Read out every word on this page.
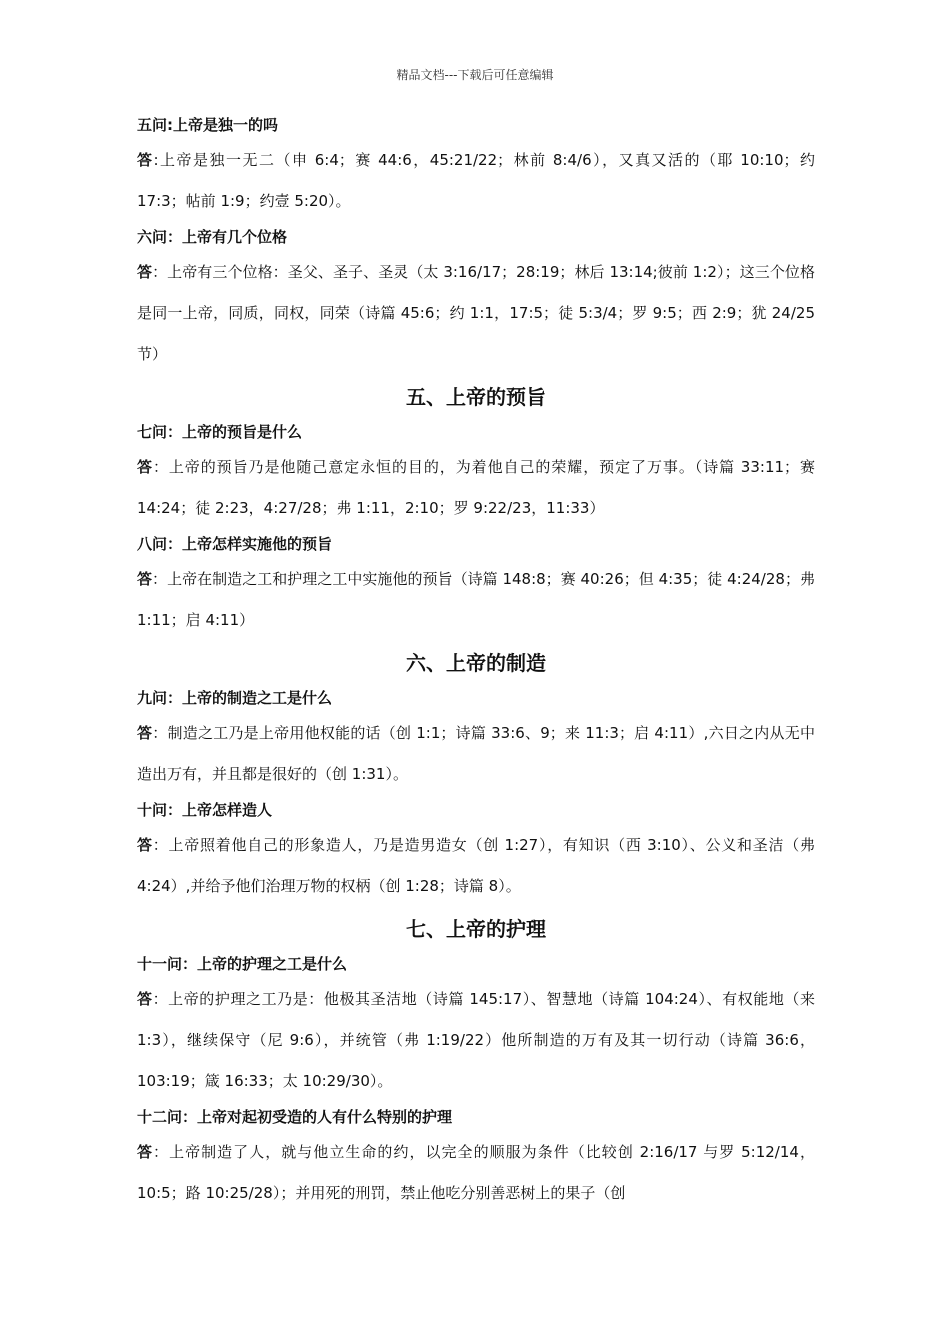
精品文档---下载后可任意编辑

五问:上帝是独一的吗

答:上帝是独一无二（申 6:4；赛 44:6，45:21/22；林前 8:4/6），又真又活的（耶 10:10；约 17:3；帖前 1:9；约壹 5:20）。

六问：上帝有几个位格

答：上帝有三个位格：圣父、圣子、圣灵（太 3:16/17；28:19；林后 13:14;彼前 1:2）；这三个位格是同一上帝，同质，同权，同荣（诗篇 45:6；约 1:1，17:5；徒 5:3/4；罗 9:5；西 2:9；犹 24/25 节）

五、上帝的预旨

七问：上帝的预旨是什么

答：上帝的预旨乃是他随己意定永恒的目的，为着他自己的荣耀，预定了万事。（诗篇 33:11；赛 14:24；徒 2:23，4:27/28；弗 1:11，2:10；罗 9:22/23，11:33）

八问：上帝怎样实施他的预旨

答：上帝在制造之工和护理之工中实施他的预旨（诗篇 148:8；赛 40:26；但 4:35；徒 4:24/28；弗 1:11；启 4:11）

六、上帝的制造

九问：上帝的制造之工是什么

答：制造之工乃是上帝用他权能的话（创 1:1；诗篇 33:6、9；来 11:3；启 4:11）,六日之内从无中造出万有，并且都是很好的（创 1:31）。

十问：上帝怎样造人

答：上帝照着他自己的形象造人，乃是造男造女（创 1:27），有知识（西 3:10）、公义和圣洁（弗 4:24）,并给予他们治理万物的权柄（创 1:28；诗篇 8）。

七、上帝的护理

十一问：上帝的护理之工是什么

答：上帝的护理之工乃是：他极其圣洁地（诗篇 145:17）、智慧地（诗篇 104:24）、有权能地（来 1:3），继续保守（尼 9:6），并统管（弗 1:19/22）他所制造的万有及其一切行动（诗篇 36:6，103:19；箴 16:33；太 10:29/30）。

十二问：上帝对起初受造的人有什么特别的护理

答：上帝制造了人，就与他立生命的约，以完全的顺服为条件（比较创 2:16/17 与罗 5:12/14，10:5；路 10:25/28）；并用死的刑罚，禁止他吃分别善恶树上的果子（创
